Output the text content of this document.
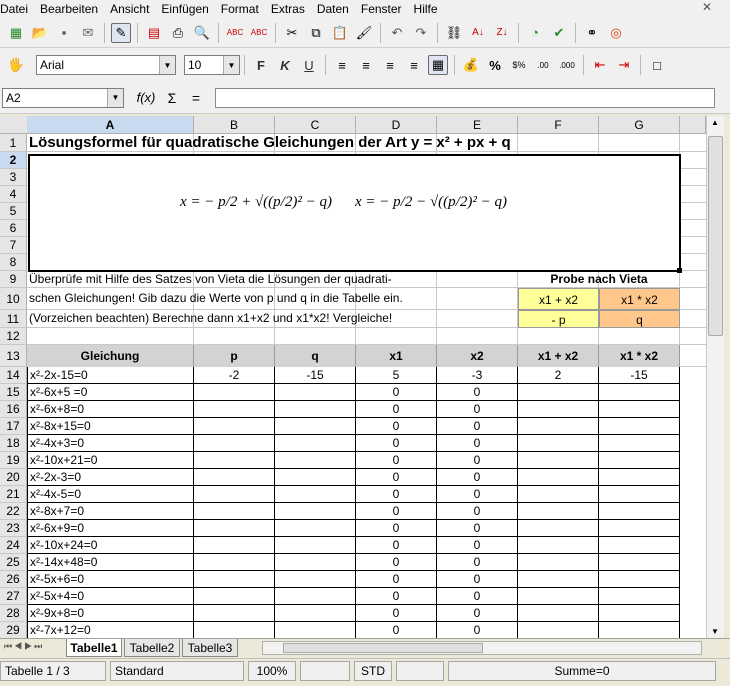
Datei Bearbeiten Ansicht Einfügen Format Extras Daten Fenster Hilfe	✕
▦ 📂	▪	✉	✎	▤ ⎙ 🔍 ABC ABC	✂	⧉ 📋 🖌	↶	↷	⛓ A↓	Z↓	◔	✔	⚭ ◎
🖐 Arial	▼ 10	▼	F	K	U	≡	≡	≡	≡	▦ 💰 %	$%	.00	.000	⇤	⇥	□
A2	▼ f(x) Σ	=
A	B	C	D	E	F	G
1
2
3
4
5
6
7
8
9
10
11
12
13
14
15
16
17
18
19
20
21
22
23
24
25
26
27
28
29
Lösungsformel für quadratische Gleichungen der Art y = x² + px + q
Probe nach Vieta
Überprüfe mit Hilfe des Satzes von Vieta die Lösungen der quadrati-
schen Gleichungen! Gib dazu die Werte von p und q in die Tabelle ein.
(Vorzeichen beachten) Berechne dann x1+x2 und x1*x2! Vergleiche!
x1 + x2	x1 * x2
- p	q
Gleichung	p	q	x1	x2	x1 + x2	x1 * x2
x²-2x-15=0	-2	-15	5	-3	2	-15
x²-6x+5 =0	0	0
x²-6x+8=0	0	0
x²-8x+15=0	0	0
x²-4x+3=0	0	0
x²-10x+21=0	0	0
x²-2x-3=0	0	0
x²-4x-5=0	0	0
x²-8x+7=0	0	0
x²-6x+9=0	0	0
x²-10x+24=0	0	0
x²-14x+48=0	0	0
x²-5x+6=0	0	0
x²-5x+4=0	0	0
x²-9x+8=0	0	0
x²-7x+12=0	0	0
x = − p/2 + √((p/2)² − q) x = − p/2 − √((p/2)² − q)
▲
▼
⏮◀▶⏭	Tabelle1	Tabelle2	Tabelle3
Tabelle 1 / 3	Standard	100%	STD	Summe=0
